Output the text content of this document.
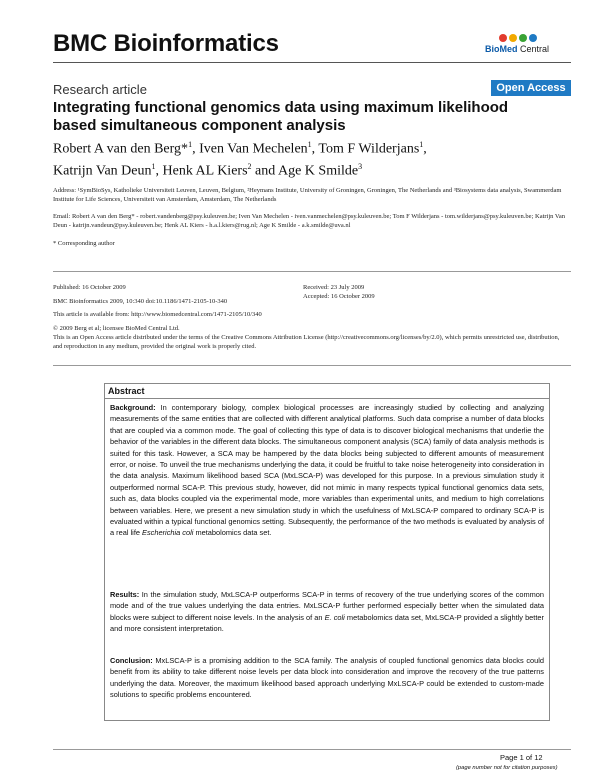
BMC Bioinformatics	BioMed Central
Research article	Open Access
Integrating functional genomics data using maximum likelihood based simultaneous component analysis
Robert A van den Berg*$^1$, Iven Van Mechelen$^1$, Tom F Wilderjans$^1$,
Katrijn Van Deun$^1$, Henk AL Kiers$^2$ and Age K Smilde$^3$
Address: ¹SymBioSys, Katholieke Universiteit Leuven, Leuven, Belgium, ²Heymans Institute, University of Groningen, Groningen, The Netherlands and ³Biosystems data analysis, Swammerdam Institute for Life Sciences, Universiteit van Amsterdam, Amsterdam, The Netherlands
Email: Robert A van den Berg* - robert.vandenberg@psy.kuleuven.be; Iven Van Mechelen - iven.vanmechelen@psy.kuleuven.be; Tom F Wilderjans - tom.wilderjans@psy.kuleuven.be; Katrijn Van Deun - katrijn.vandeun@psy.kuleuven.be; Henk AL Kiers - h.a.l.kiers@rug.nl; Age K Smilde - a.k.smilde@uva.nl
* Corresponding author
Published: 16 October 2009
BMC Bioinformatics 2009, 10:340 doi:10.1186/1471-2105-10-340
Received: 23 July 2009
Accepted: 16 October 2009
This article is available from: http://www.biomedcentral.com/1471-2105/10/340
© 2009 Berg et al; licensee BioMed Central Ltd.
This is an Open Access article distributed under the terms of the Creative Commons Attribution License (http://creativecommons.org/licenses/by/2.0), which permits unrestricted use, distribution, and reproduction in any medium, provided the original work is properly cited.
Abstract
Background: In contemporary biology, complex biological processes are increasingly studied by collecting and analyzing measurements of the same entities that are collected with different analytical platforms. Such data comprise a number of data blocks that are coupled via a common mode. The goal of collecting this type of data is to discover biological mechanisms that underlie the behavior of the variables in the different data blocks. The simultaneous component analysis (SCA) family of data analysis methods is suited for this task. However, a SCA may be hampered by the data blocks being subjected to different amounts of measurement error, or noise. To unveil the true mechanisms underlying the data, it could be fruitful to take noise heterogeneity into consideration in the data analysis. Maximum likelihood based SCA (MxLSCA-P) was developed for this purpose. In a previous simulation study it outperformed normal SCA-P. This previous study, however, did not mimic in many respects typical functional genomics data sets, such as, data blocks coupled via the experimental mode, more variables than experimental units, and medium to high correlations between variables. Here, we present a new simulation study in which the usefulness of MxLSCA-P compared to ordinary SCA-P is evaluated within a typical functional genomics setting. Subsequently, the performance of the two methods is evaluated by analysis of a real life Escherichia coli metabolomics data set.
Results: In the simulation study, MxLSCA-P outperforms SCA-P in terms of recovery of the true underlying scores of the common mode and of the true values underlying the data entries. MxLSCA-P further performed especially better when the simulated data blocks were subject to different noise levels. In the analysis of an E. coli metabolomics data set, MxLSCA-P provided a slightly better and more consistent interpretation.
Conclusion: MxLSCA-P is a promising addition to the SCA family. The analysis of coupled functional genomics data blocks could benefit from its ability to take different noise levels per data block into consideration and improve the recovery of the true patterns underlying the data. Moreover, the maximum likelihood based approach underlying MxLSCA-P could be extended to custom-made solutions to specific problems encountered.
Page 1 of 12
(page number not for citation purposes)
